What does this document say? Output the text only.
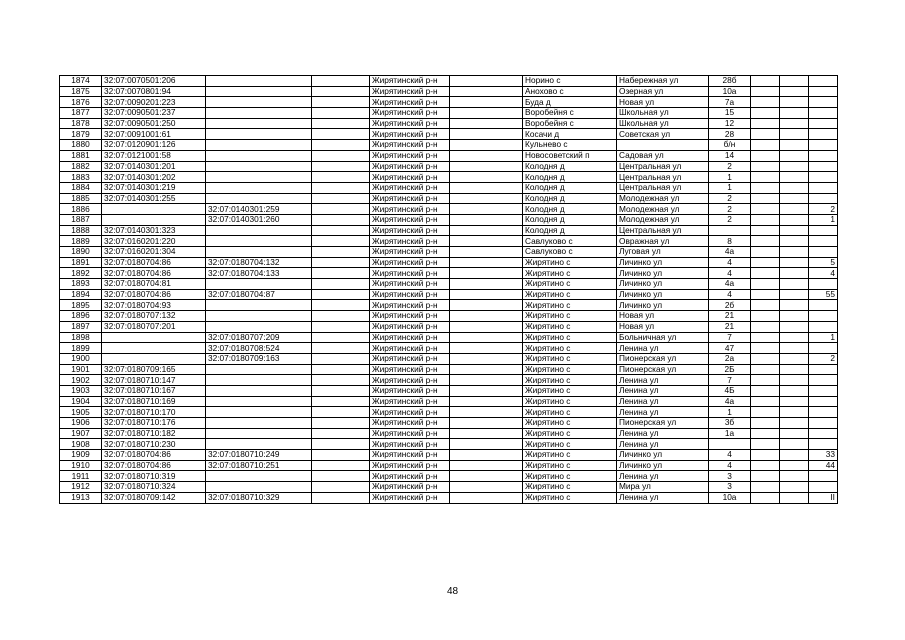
1874	32:07:0070501:206			Жирятинский р-н		Норино с	Набережная ул	28б			
1875	32:07:0070801:94			Жирятинский р-н		Анохово с	Озерная ул	10а			
1876	32:07:0090201:223			Жирятинский р-н		Буда д	Новая ул	7а			
1877	32:07:0090501:237			Жирятинский р-н		Воробейня с	Школьная ул	15			
1878	32:07:0090501:250			Жирятинский р-н		Воробейня с	Школьная ул	12			
1879	32:07:0091001:61			Жирятинский р-н		Косачи д	Советская ул	28			
1880	32:07:0120901:126			Жирятинский р-н		Кульнево с		б/н			
1881	32:07:0121001:58			Жирятинский р-н		Новосоветский п	Садовая ул	14			
1882	32:07:0140301:201			Жирятинский р-н		Колодня д	Центральная ул	2			
1883	32:07:0140301:202			Жирятинский р-н		Колодня д	Центральная ул	1			
1884	32:07:0140301:219			Жирятинский р-н		Колодня д	Центральная ул	1			
1885	32:07:0140301:255			Жирятинский р-н		Колодня д	Молодежная ул	2			
1886		32:07:0140301:259		Жирятинский р-н		Колодня д	Молодежная ул	2			2
1887		32:07:0140301:260		Жирятинский р-н		Колодня д	Молодежная ул	2			1
1888	32:07:0140301:323			Жирятинский р-н		Колодня д	Центральная ул				
1889	32:07:0160201:220			Жирятинский р-н		Савлуково с	Овражная ул	8			
1890	32:07:0160201:304			Жирятинский р-н		Савлуково с	Луговая ул	4а			
1891	32:07:0180704:86	32:07:0180704:132		Жирятинский р-н		Жирятино с	Личинко ул	4			5
1892	32:07:0180704:86	32:07:0180704:133		Жирятинский р-н		Жирятино с	Личинко ул	4			4
1893	32:07:0180704:81			Жирятинский р-н		Жирятино с	Личинко ул	4а			
1894	32:07:0180704:86	32:07:0180704:87		Жирятинский р-н		Жирятино с	Личинко ул	4			55
1895	32:07:0180704:93			Жирятинский р-н		Жирятино с	Личинко ул	2б			
1896	32:07:0180707:132			Жирятинский р-н		Жирятино с	Новая ул	21			
1897	32:07:0180707:201			Жирятинский р-н		Жирятино с	Новая ул	21			
1898		32:07:0180707:209		Жирятинский р-н		Жирятино с	Больничная ул	7			1
1899		32:07:0180708:524		Жирятинский р-н		Жирятино с	Ленина ул	47			
1900		32:07:0180709:163		Жирятинский р-н		Жирятино с	Пионерская ул	2а			2
1901	32:07:0180709:165			Жирятинский р-н		Жирятино с	Пионерская ул	2Б			
1902	32:07:0180710:147			Жирятинский р-н		Жирятино с	Ленина ул	7			
1903	32:07:0180710:167			Жирятинский р-н		Жирятино с	Ленина ул	4Б			
1904	32:07:0180710:169			Жирятинский р-н		Жирятино с	Ленина ул	4а			
1905	32:07:0180710:170			Жирятинский р-н		Жирятино с	Ленина ул	1			
1906	32:07:0180710:176			Жирятинский р-н		Жирятино с	Пионерская ул	3б			
1907	32:07:0180710:182			Жирятинский р-н		Жирятино с	Ленина ул	1а			
1908	32:07:0180710:230			Жирятинский р-н		Жирятино с	Ленина ул				
1909	32:07:0180704:86	32:07:0180710:249		Жирятинский р-н		Жирятино с	Личинко ул	4			33
1910	32:07:0180704:86	32:07:0180710:251		Жирятинский р-н		Жирятино с	Личинко ул	4			44
1911	32:07:0180710:319			Жирятинский р-н		Жирятино с	Ленина ул	3			
1912	32:07:0180710:324			Жирятинский р-н		Жирятино с	Мира ул	3			
1913	32:07:0180709:142	32:07:0180710:329		Жирятинский р-н		Жирятино с	Ленина ул	10а			II
48
